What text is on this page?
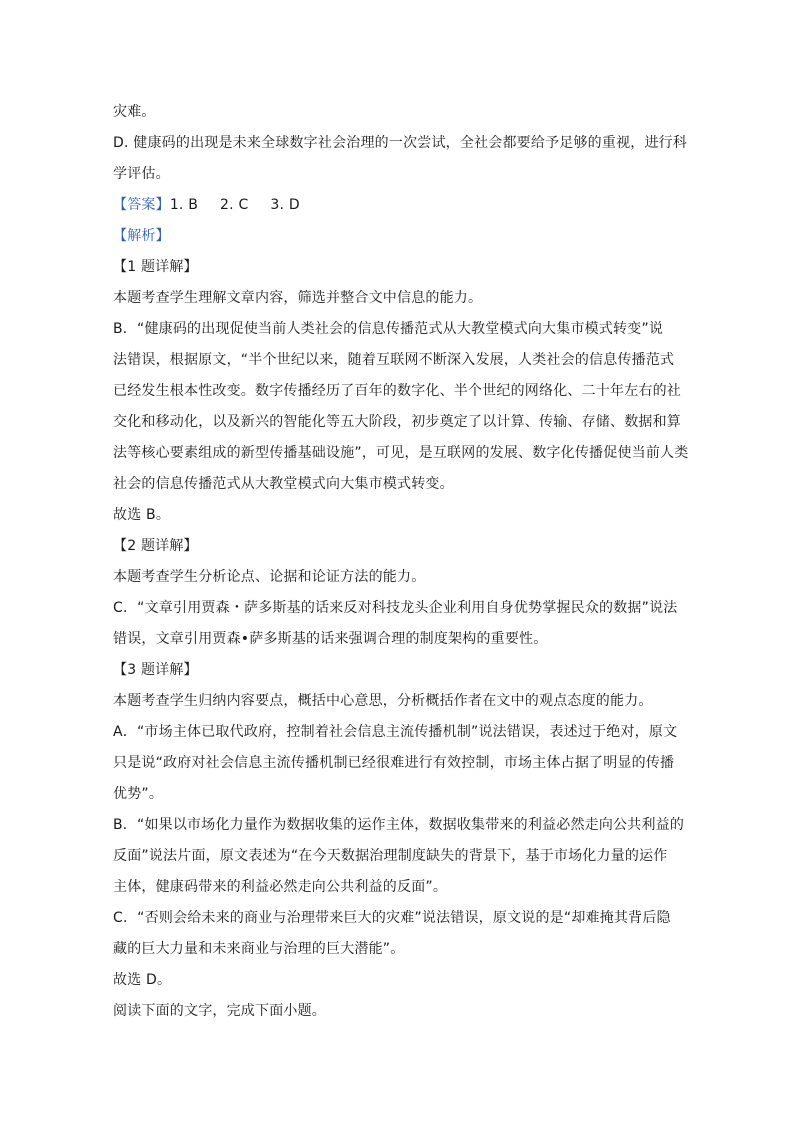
灾难。
D. 健康码的出现是未来全球数字社会治理的一次尝试，全社会都要给予足够的重视，进行科
学评估。
【答案】1. B 2. C 3. D
【解析】
【1 题详解】
本题考查学生理解文章内容，筛选并整合文中信息的能力。
B．“健康码的出现促使当前人类社会的信息传播范式从大教堂模式向大集市模式转变”说
法错误，根据原文，“半个世纪以来，随着互联网不断深入发展，人类社会的信息传播范式
已经发生根本性改变。数字传播经历了百年的数字化、半个世纪的网络化、二十年左右的社
交化和移动化，以及新兴的智能化等五大阶段，初步奠定了以计算、传输、存储、数据和算
法等核心要素组成的新型传播基础设施”，可见，是互联网的发展、数字化传播促使当前人类
社会的信息传播范式从大教堂模式向大集市模式转变。
故选 B。
【2 题详解】
本题考查学生分析论点、论据和论证方法的能力。
C．“文章引用贾森・萨多斯基的话来反对科技龙头企业利用自身优势掌握民众的数据”说法
错误，文章引用贾森•萨多斯基的话来强调合理的制度架构的重要性。
【3 题详解】
本题考查学生归纳内容要点，概括中心意思，分析概括作者在文中的观点态度的能力。
A．“市场主体已取代政府，控制着社会信息主流传播机制”说法错误，表述过于绝对，原文
只是说“政府对社会信息主流传播机制已经很难进行有效控制，市场主体占据了明显的传播
优势”。
B．“如果以市场化力量作为数据收集的运作主体，数据收集带来的利益必然走向公共利益的
反面”说法片面，原文表述为“在今天数据治理制度缺失的背景下，基于市场化力量的运作
主体，健康码带来的利益必然走向公共利益的反面”。
C．“否则会给未来的商业与治理带来巨大的灾难”说法错误，原文说的是“却难掩其背后隐
藏的巨大力量和未来商业与治理的巨大潜能”。
故选 D。
阅读下面的文字，完成下面小题。
